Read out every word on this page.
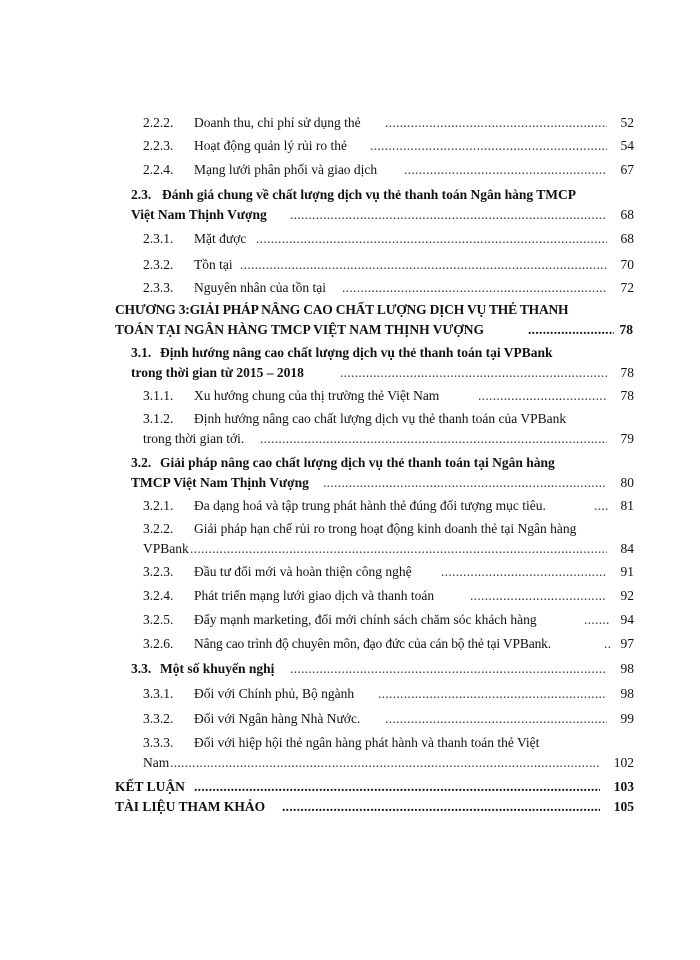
2.2.2. Doanh thu, chi phí sử dụng thẻ .....	52
2.2.3. Hoạt động quản lý rủi ro thẻ .....	54
2.2.4. Mạng lưới phân phối và giao dịch .....	67
2.3. Đánh giá chung về chất lượng dịch vụ thẻ thanh toán Ngân hàng TMCP
Việt Nam Thịnh Vượng .....	68
2.3.1. Mặt được .....	68
2.3.2. Tồn tại .....	70
2.3.3. Nguyên nhân của tồn tại .....	72
CHƯƠNG 3:GIẢI PHÁP NÂNG CAO CHẤT LƯỢNG DỊCH VỤ THẺ THANH
TOÁN TẠI NGÂN HÀNG TMCP VIỆT NAM THỊNH VƯỢNG .....	78
3.1. Định hướng nâng cao chất lượng dịch vụ thẻ thanh toán tại VPBank
trong thời gian từ 2015 – 2018 .....	78
3.1.1. Xu hướng chung của thị trường thẻ Việt Nam .....	78
3.1.2. Định hướng nâng cao chất lượng dịch vụ thẻ thanh toán của VPBank
trong thời gian tới. .....	79
3.2. Giải pháp nâng cao chất lượng dịch vụ thẻ thanh toán tại Ngân hàng
TMCP Việt Nam Thịnh Vượng .....	80
3.2.1. Đa dạng hoá và tập trung phát hành thẻ đúng đối tượng mục tiêu. .....	81
3.2.2. Giải pháp hạn chế rủi ro trong hoạt động kinh doanh thẻ tại Ngân hàng
VPBank .....	84
3.2.3. Đầu tư đổi mới và hoàn thiện công nghệ .....	91
3.2.4. Phát triển mạng lưới giao dịch và thanh toán .....	92
3.2.5. Đẩy mạnh marketing, đổi mới chính sách chăm sóc khách hàng .....	94
3.2.6. Nâng cao trình độ chuyên môn, đạo đức của cán bộ thẻ tại VPBank. .....	97
3.3. Một số khuyến nghị .....	98
3.3.1. Đối với Chính phủ, Bộ ngành .....	98
3.3.2. Đối với Ngân hàng Nhà Nước. .....	99
3.3.3. Đối với hiệp hội thẻ ngân hàng phát hành và thanh toán thẻ Việt
Nam .....	102
KẾT LUẬN .....	103
TÀI LIỆU THAM KHẢO .....	105
